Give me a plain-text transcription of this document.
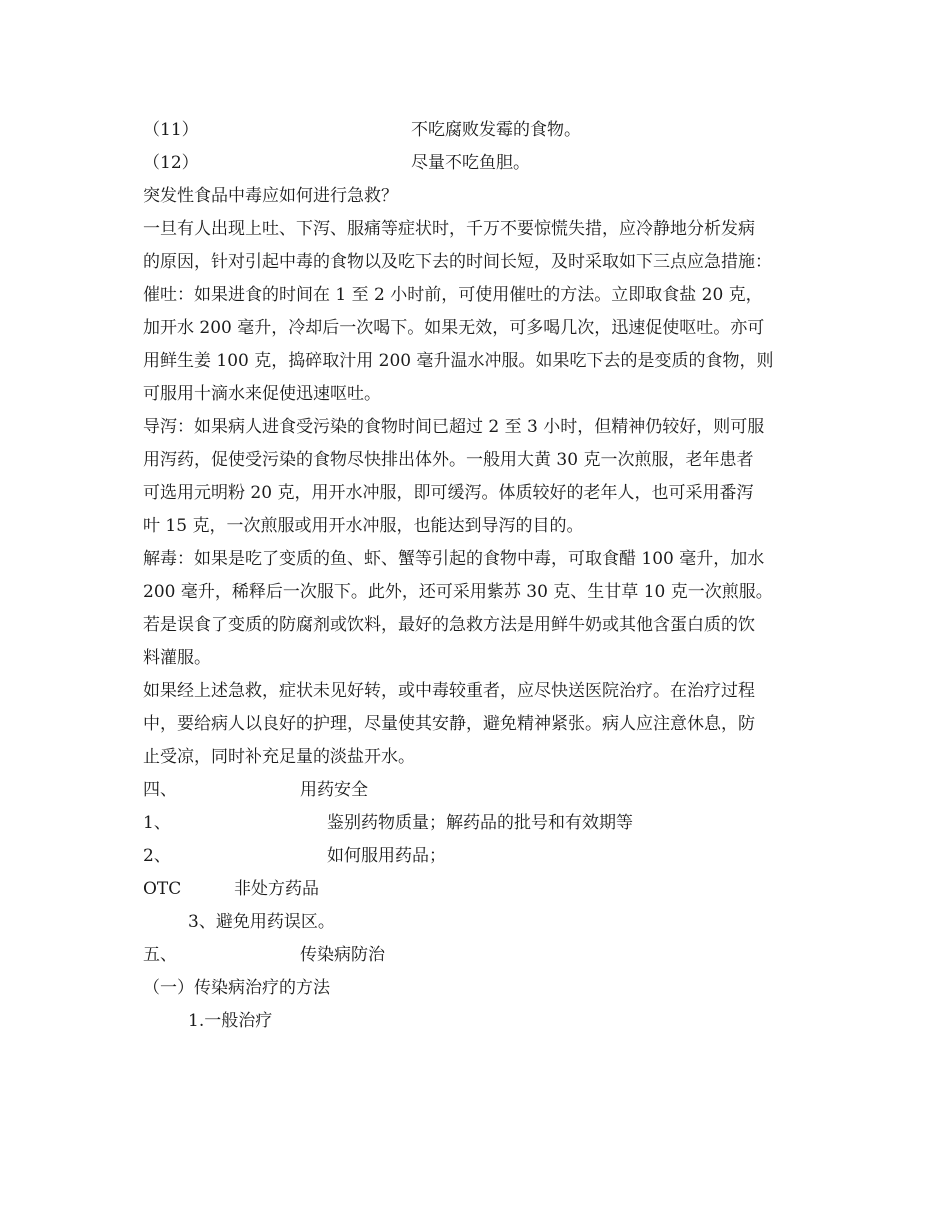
（11）	不吃腐败发霉的食物。
（12）	尽量不吃鱼胆。
突发性食品中毒应如何进行急救？
一旦有人出现上吐、下泻、服痛等症状时，千万不要惊慌失措，应冷静地分析发病
的原因，针对引起中毒的食物以及吃下去的时间长短，及时采取如下三点应急措施：
催吐：如果进食的时间在 1 至 2 小时前，可使用催吐的方法。立即取食盐 20 克，
加开水 200 毫升，冷却后一次喝下。如果无效，可多喝几次，迅速促使呕吐。亦可
用鲜生姜 100 克，捣碎取汁用 200 毫升温水冲服。如果吃下去的是变质的食物，则
可服用十滴水来促使迅速呕吐。
导泻：如果病人进食受污染的食物时间已超过 2 至 3 小时，但精神仍较好，则可服
用泻药，促使受污染的食物尽快排出体外。一般用大黄 30 克一次煎服，老年患者
可选用元明粉 20 克，用开水冲服，即可缓泻。体质较好的老年人，也可采用番泻
叶 15 克，一次煎服或用开水冲服，也能达到导泻的目的。
解毒：如果是吃了变质的鱼、虾、蟹等引起的食物中毒，可取食醋 100 毫升，加水
200 毫升，稀释后一次服下。此外，还可采用紫苏 30 克、生甘草 10 克一次煎服。
若是误食了变质的防腐剂或饮料，最好的急救方法是用鲜牛奶或其他含蛋白质的饮
料灌服。
如果经上述急救，症状未见好转，或中毒较重者，应尽快送医院治疗。在治疗过程
中，要给病人以良好的护理，尽量使其安静，避免精神紧张。病人应注意休息，防
止受凉，同时补充足量的淡盐开水。
四、	用药安全
1、	鉴别药物质量；解药品的批号和有效期等
2、	如何服用药品；
OTC	非处方药品
3、避免用药误区。
五、	传染病防治
（一）传染病治疗的方法
1.一般治疗
